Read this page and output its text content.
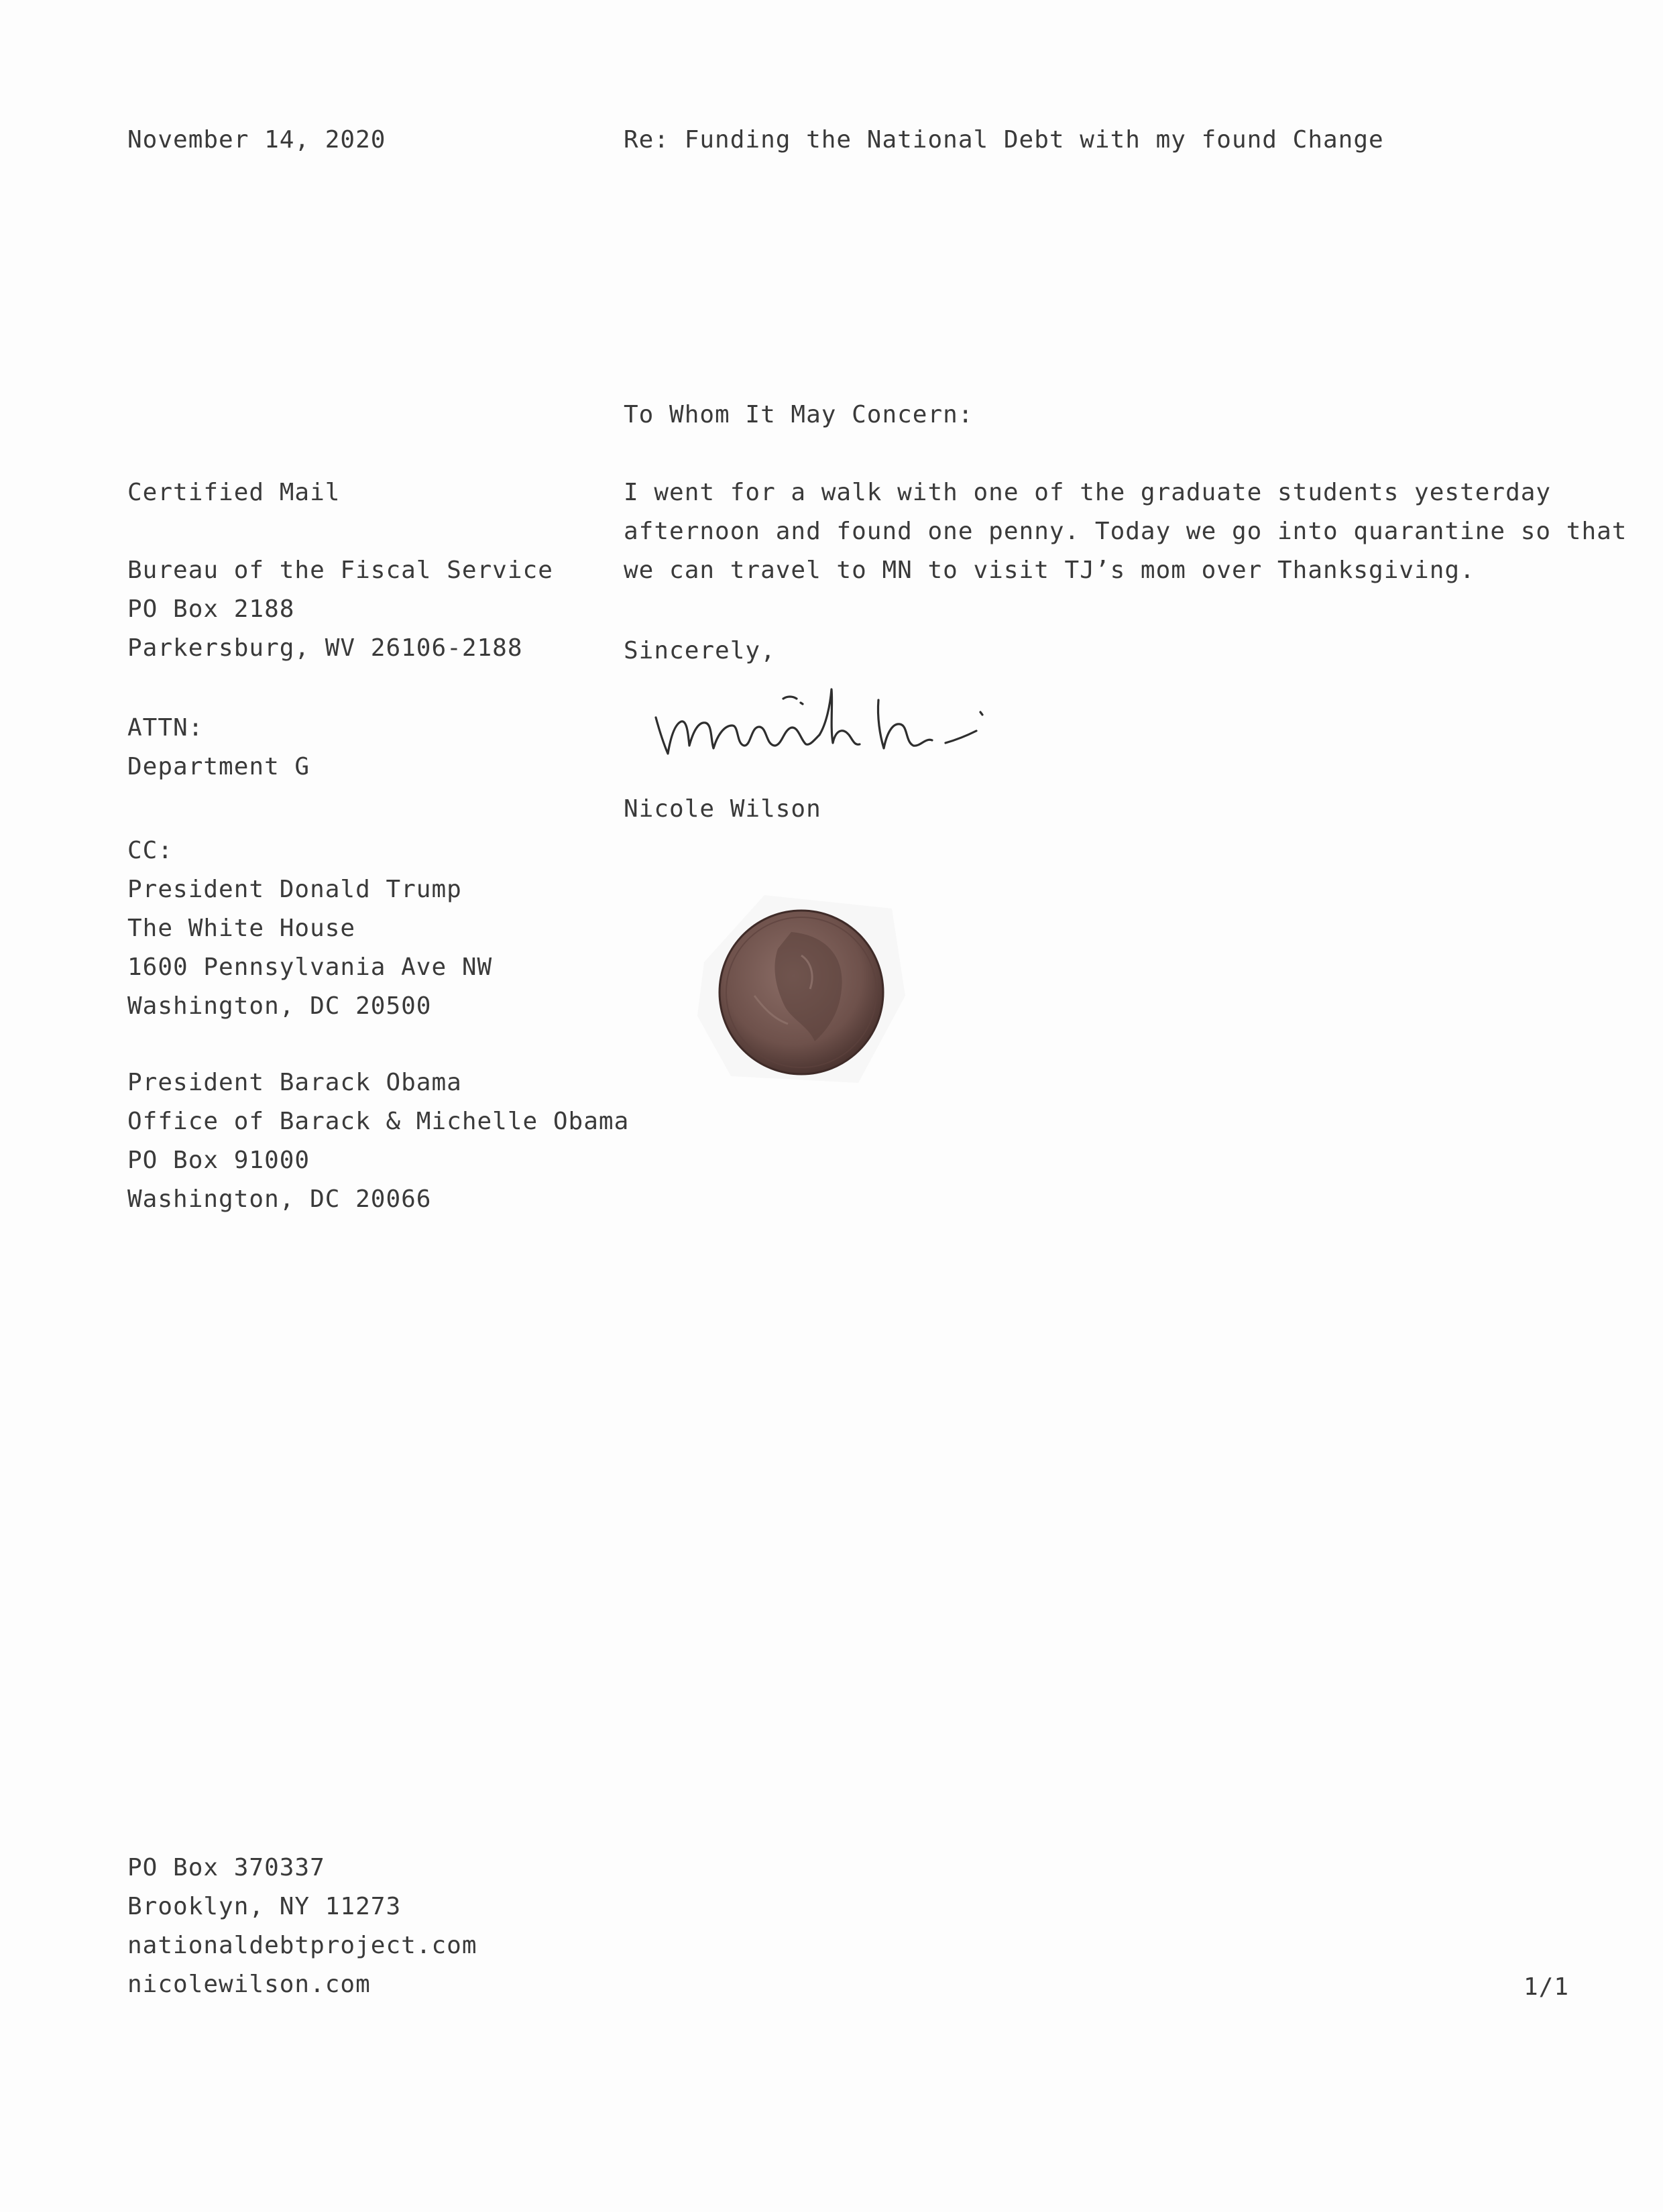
November 14, 2020	Re: Funding the National Debt with my found Change
To Whom It May Concern:
Certified Mail
Bureau of the Fiscal Service
PO Box 2188
Parkersburg, WV 26106-2188
ATTN:
Department G
CC:
President Donald Trump
The White House
1600 Pennsylvania Ave NW
Washington, DC 20500
President Barack Obama
Office of Barack & Michelle Obama
PO Box 91000
Washington, DC 20066
I went for a walk with one of the graduate students yesterday
afternoon and found one penny. Today we go into quarantine so that
we can travel to MN to visit TJ’s mom over Thanksgiving.
Sincerely,
Nicole Wilson
PO Box 370337
Brooklyn, NY 11273
nationaldebtproject.com
nicolewilson.com	1/1
